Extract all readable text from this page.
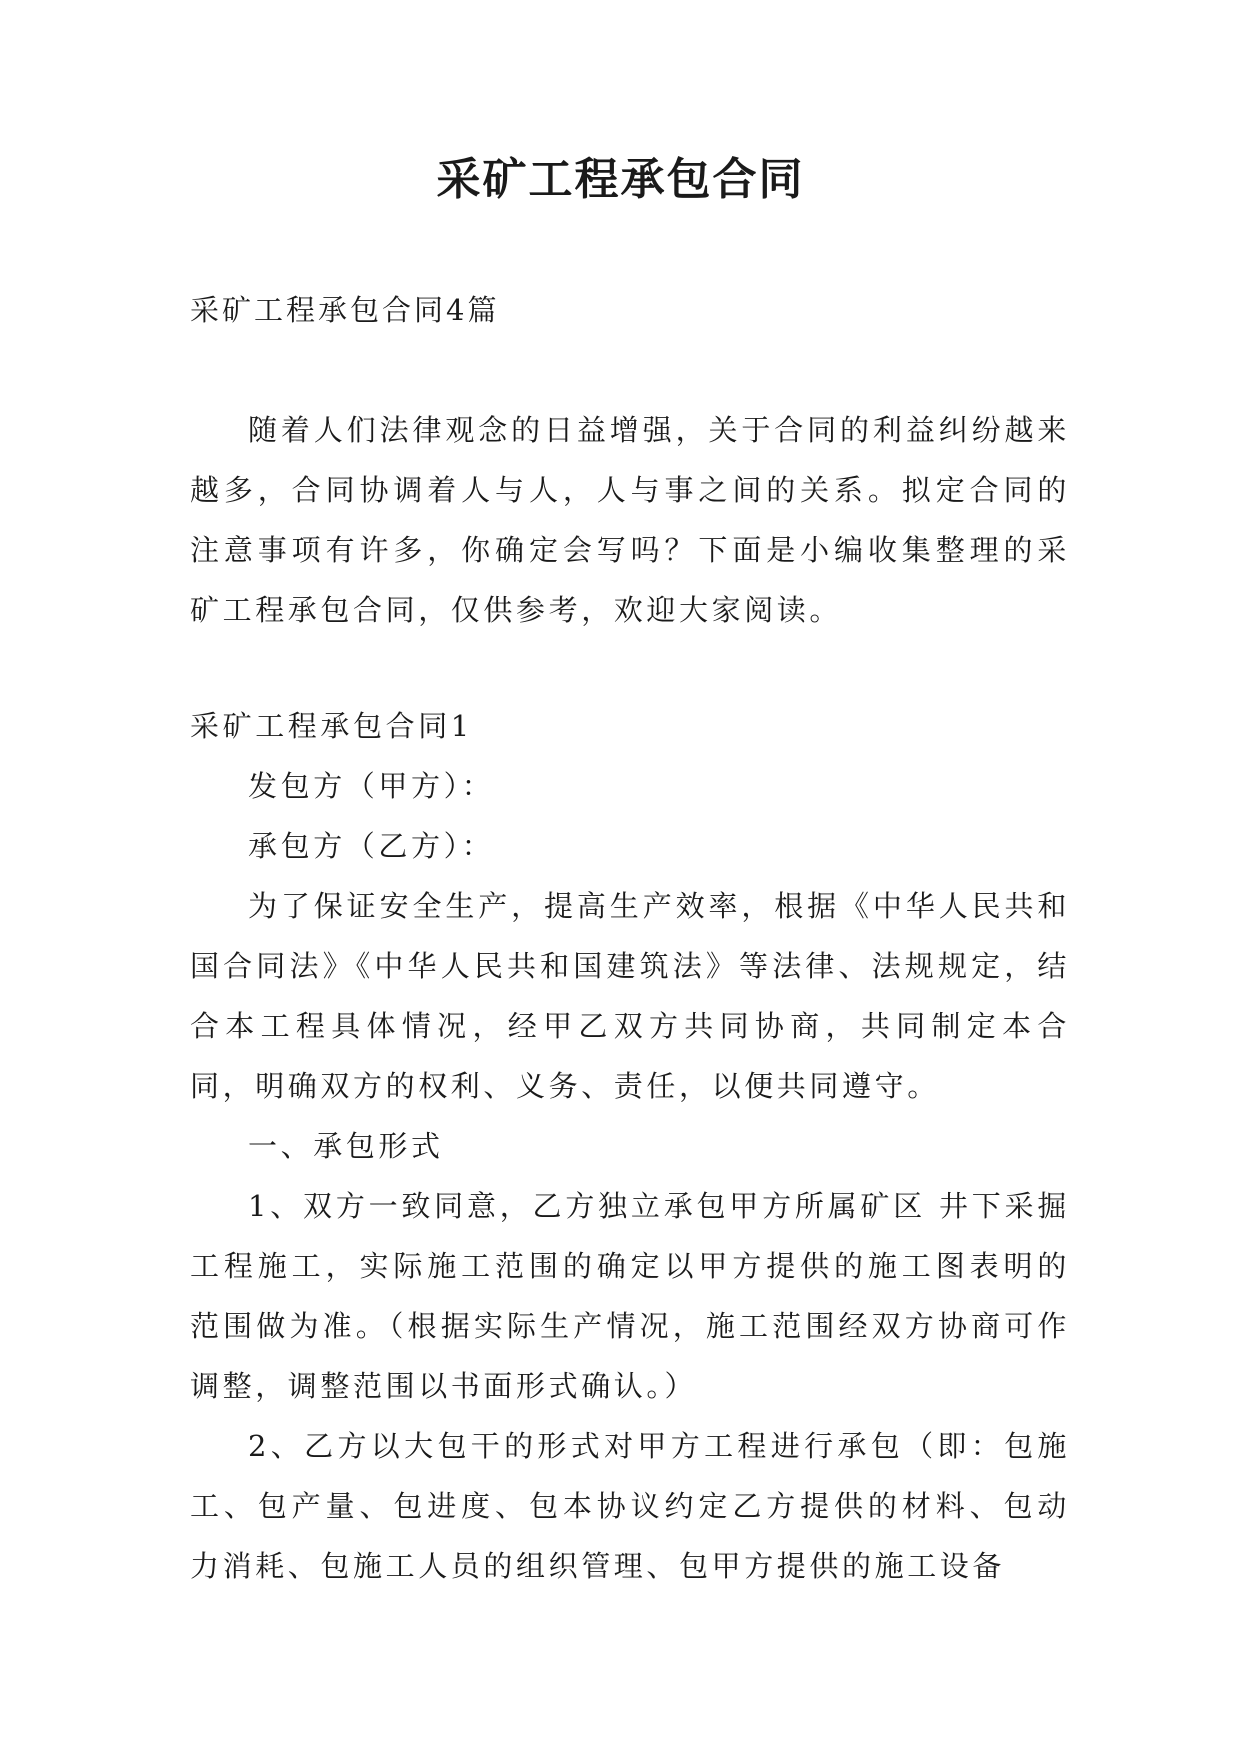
采矿工程承包合同
采矿工程承包合同4篇

随着人们法律观念的日益增强，关于合同的利益纠纷越来越多，合同协调着人与人，人与事之间的关系。拟定合同的注意事项有许多，你确定会写吗？下面是小编收集整理的采矿工程承包合同，仅供参考，欢迎大家阅读。

采矿工程承包合同1

发包方（甲方）：

承包方（乙方）：

为了保证安全生产，提高生产效率，根据《中华人民共和国合同法》《中华人民共和国建筑法》等法律、法规规定，结合本工程具体情况，经甲乙双方共同协商，共同制定本合同，明确双方的权利、义务、责任，以便共同遵守。

一、承包形式

1、双方一致同意，乙方独立承包甲方所属矿区 井下采掘工程施工，实际施工范围的确定以甲方提供的施工图表明的范围做为准。（根据实际生产情况，施工范围经双方协商可作调整，调整范围以书面形式确认。）

2、乙方以大包干的形式对甲方工程进行承包（即：包施工、包产量、包进度、包本协议约定乙方提供的材料、包动力消耗、包施工人员的组织管理、包甲方提供的施工设备
